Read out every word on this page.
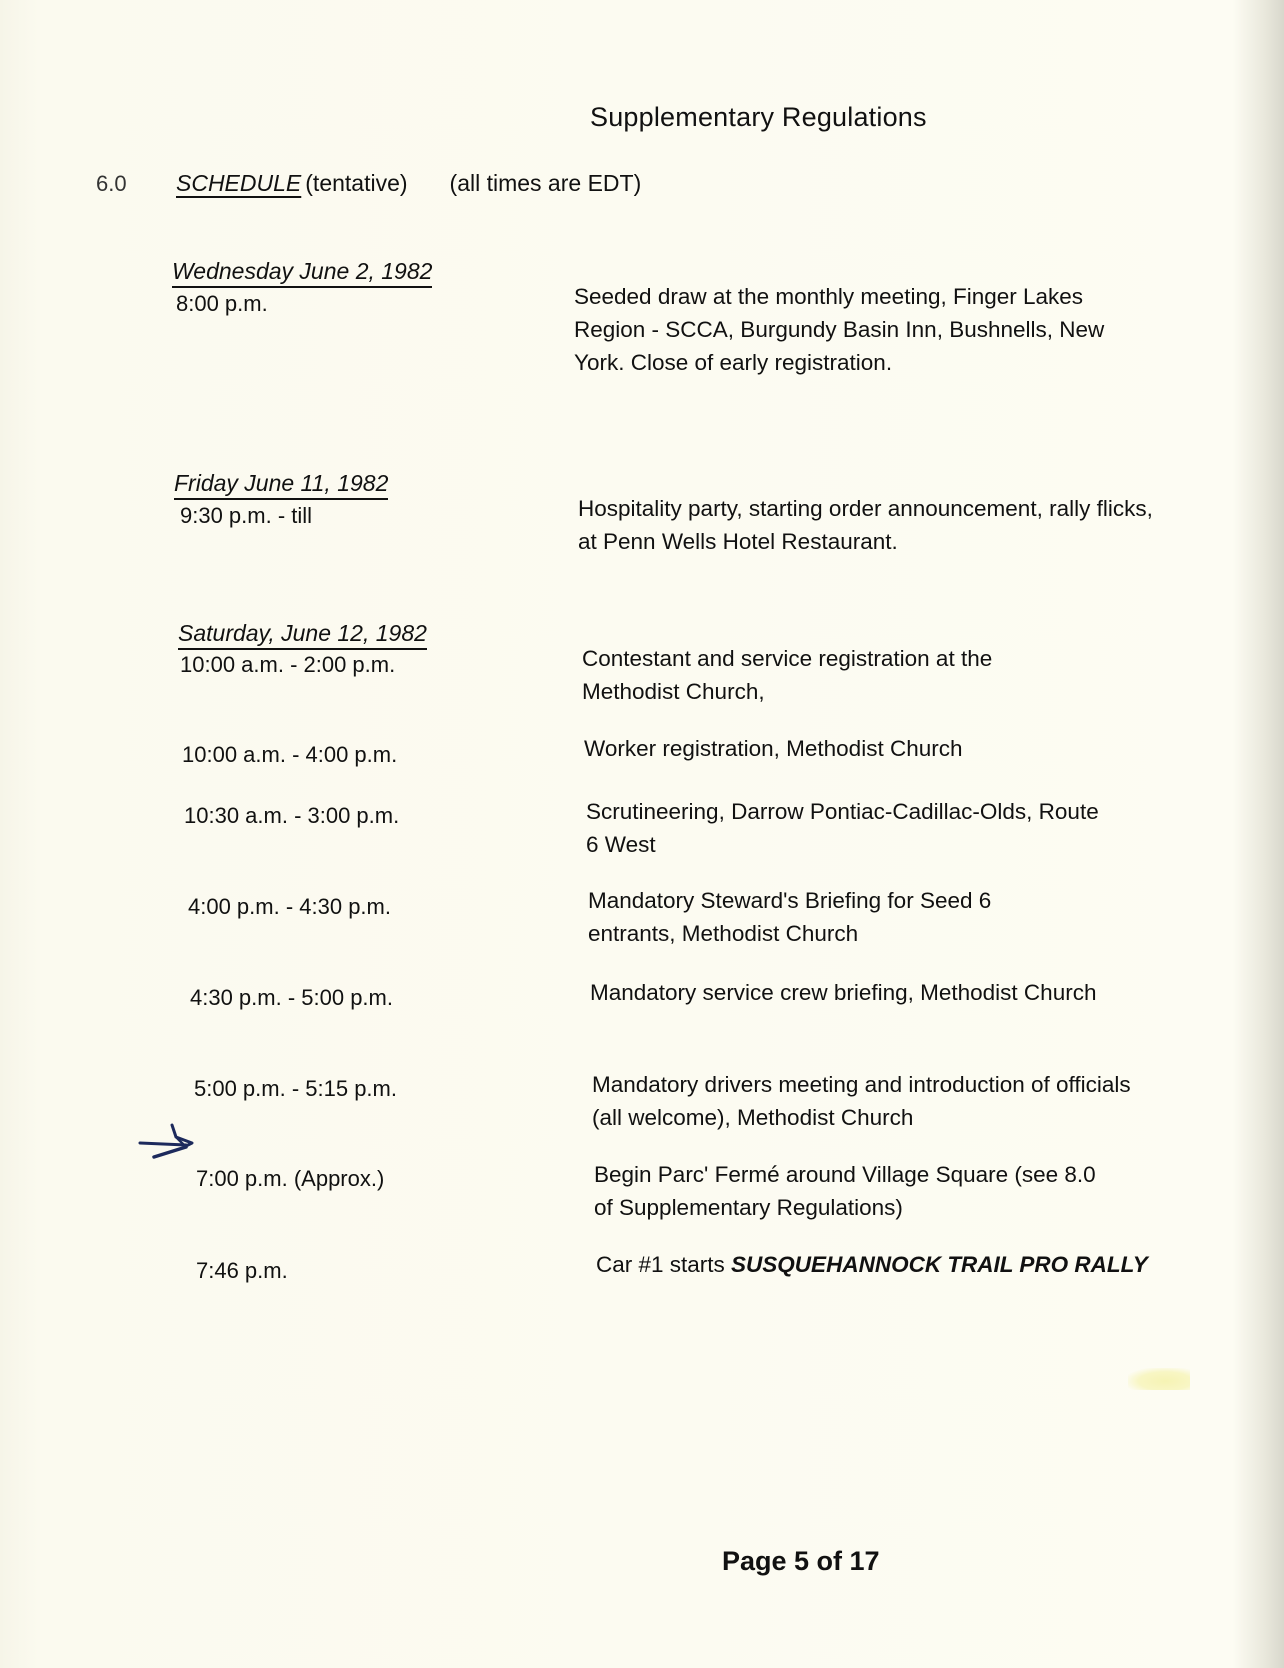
Supplementary Regulations
6.0	SCHEDULE (tentative) (all times are EDT)
Wednesday June 2, 1982
8:00 p.m.	Seeded draw at the monthly meeting, Finger Lakes Region - SCCA, Burgundy Basin Inn, Bushnells, New York. Close of early registration.
Friday June 11, 1982
9:30 p.m. - till	Hospitality party, starting order announcement, rally flicks, at Penn Wells Hotel Restaurant.
Saturday, June 12, 1982
10:00 a.m. - 2:00 p.m.	Contestant and service registration at the Methodist Church,
10:00 a.m. - 4:00 p.m.	Worker registration, Methodist Church
10:30 a.m. - 3:00 p.m.	Scrutineering, Darrow Pontiac-Cadillac-Olds, Route 6 West
4:00 p.m. - 4:30 p.m.	Mandatory Steward's Briefing for Seed 6 entrants, Methodist Church
4:30 p.m. - 5:00 p.m.	Mandatory service crew briefing, Methodist Church
5:00 p.m. - 5:15 p.m.	Mandatory drivers meeting and introduction of officials (all welcome), Methodist Church
7:00 p.m. (Approx.)	Begin Parc' Fermé around Village Square (see 8.0 of Supplementary Regulations)
7:46 p.m.	Car #1 starts SUSQUEHANNOCK TRAIL PRO RALLY
Page 5 of 17
